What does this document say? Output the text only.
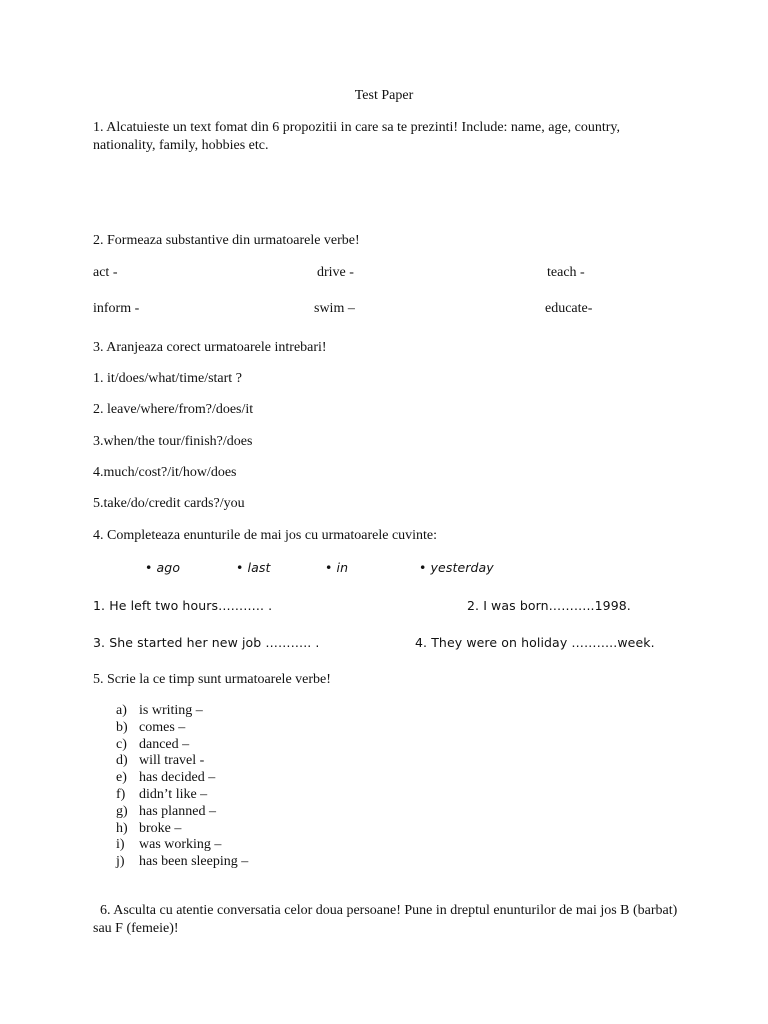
Test Paper
1. Alcatuieste un text fomat din 6 propozitii in care sa te prezinti! Include: name, age, country, nationality, family, hobbies etc.
2. Formeaza substantive din urmatoarele verbe!
act -	drive -	teach -
inform -	swim –	educate-
3. Aranjeaza corect urmatoarele intrebari!
1. it/does/what/time/start ?
2. leave/where/from?/does/it
3.when/the tour/finish?/does
4.much/cost?/it/how/does
5.take/do/credit cards?/you
4. Completeaza enunturile de mai jos cu urmatoarele cuvinte:
• ago	• last	• in	• yesterday
1. He left two hours……….. .	2. I was born………..1998.
3. She started her new job ……….. .	4. They were on holiday ………..week.
5. Scrie la ce timp sunt urmatoarele verbe!
a) is writing –
b) comes –
c) danced –
d) will travel -
e) has decided –
f) didn’t like –
g) has planned –
h) broke –
i) was working –
j) has been sleeping –
6. Asculta cu atentie conversatia celor doua persoane! Pune in dreptul enunturilor de mai jos B (barbat) sau F (femeie)!
